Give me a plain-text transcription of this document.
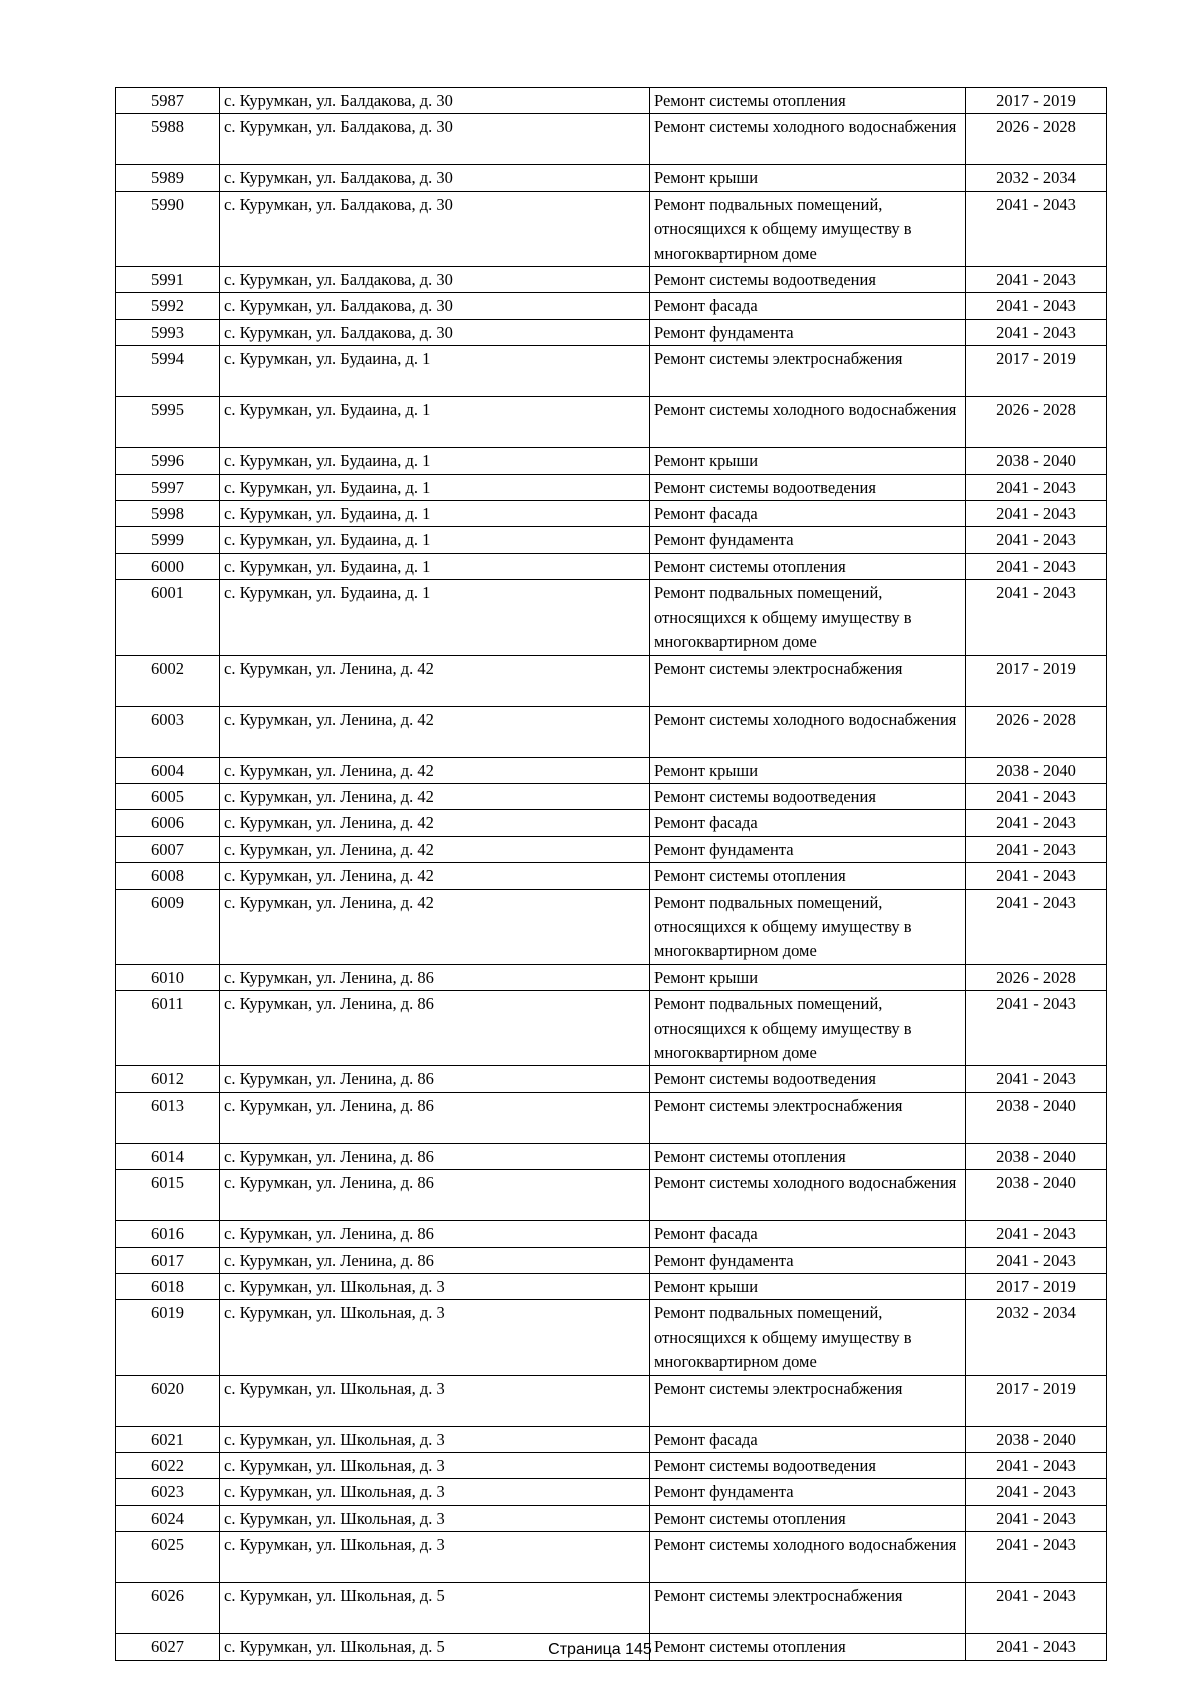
5987	с. Курумкан, ул. Балдакова, д. 30	Ремонт системы отопления	2017 - 2019
5988	с. Курумкан, ул. Балдакова, д. 30	Ремонт системы холодного водоснабжения	2026 - 2028
5989	с. Курумкан, ул. Балдакова, д. 30	Ремонт крыши	2032 - 2034
5990	с. Курумкан, ул. Балдакова, д. 30	Ремонт подвальных помещений, относящихся к общему имуществу в многоквартирном доме	2041 - 2043
5991	с. Курумкан, ул. Балдакова, д. 30	Ремонт системы водоотведения	2041 - 2043
5992	с. Курумкан, ул. Балдакова, д. 30	Ремонт фасада	2041 - 2043
5993	с. Курумкан, ул. Балдакова, д. 30	Ремонт фундамента	2041 - 2043
5994	с. Курумкан, ул. Будаина, д. 1	Ремонт системы электроснабжения	2017 - 2019
5995	с. Курумкан, ул. Будаина, д. 1	Ремонт системы холодного водоснабжения	2026 - 2028
5996	с. Курумкан, ул. Будаина, д. 1	Ремонт крыши	2038 - 2040
5997	с. Курумкан, ул. Будаина, д. 1	Ремонт системы водоотведения	2041 - 2043
5998	с. Курумкан, ул. Будаина, д. 1	Ремонт фасада	2041 - 2043
5999	с. Курумкан, ул. Будаина, д. 1	Ремонт фундамента	2041 - 2043
6000	с. Курумкан, ул. Будаина, д. 1	Ремонт системы отопления	2041 - 2043
6001	с. Курумкан, ул. Будаина, д. 1	Ремонт подвальных помещений, относящихся к общему имуществу в многоквартирном доме	2041 - 2043
6002	с. Курумкан, ул. Ленина, д. 42	Ремонт системы электроснабжения	2017 - 2019
6003	с. Курумкан, ул. Ленина, д. 42	Ремонт системы холодного водоснабжения	2026 - 2028
6004	с. Курумкан, ул. Ленина, д. 42	Ремонт крыши	2038 - 2040
6005	с. Курумкан, ул. Ленина, д. 42	Ремонт системы водоотведения	2041 - 2043
6006	с. Курумкан, ул. Ленина, д. 42	Ремонт фасада	2041 - 2043
6007	с. Курумкан, ул. Ленина, д. 42	Ремонт фундамента	2041 - 2043
6008	с. Курумкан, ул. Ленина, д. 42	Ремонт системы отопления	2041 - 2043
6009	с. Курумкан, ул. Ленина, д. 42	Ремонт подвальных помещений, относящихся к общему имуществу в многоквартирном доме	2041 - 2043
6010	с. Курумкан, ул. Ленина, д. 86	Ремонт крыши	2026 - 2028
6011	с. Курумкан, ул. Ленина, д. 86	Ремонт подвальных помещений, относящихся к общему имуществу в многоквартирном доме	2041 - 2043
6012	с. Курумкан, ул. Ленина, д. 86	Ремонт системы водоотведения	2041 - 2043
6013	с. Курумкан, ул. Ленина, д. 86	Ремонт системы электроснабжения	2038 - 2040
6014	с. Курумкан, ул. Ленина, д. 86	Ремонт системы отопления	2038 - 2040
6015	с. Курумкан, ул. Ленина, д. 86	Ремонт системы холодного водоснабжения	2038 - 2040
6016	с. Курумкан, ул. Ленина, д. 86	Ремонт фасада	2041 - 2043
6017	с. Курумкан, ул. Ленина, д. 86	Ремонт фундамента	2041 - 2043
6018	с. Курумкан, ул. Школьная, д. 3	Ремонт крыши	2017 - 2019
6019	с. Курумкан, ул. Школьная, д. 3	Ремонт подвальных помещений, относящихся к общему имуществу в многоквартирном доме	2032 - 2034
6020	с. Курумкан, ул. Школьная, д. 3	Ремонт системы электроснабжения	2017 - 2019
6021	с. Курумкан, ул. Школьная, д. 3	Ремонт фасада	2038 - 2040
6022	с. Курумкан, ул. Школьная, д. 3	Ремонт системы водоотведения	2041 - 2043
6023	с. Курумкан, ул. Школьная, д. 3	Ремонт фундамента	2041 - 2043
6024	с. Курумкан, ул. Школьная, д. 3	Ремонт системы отопления	2041 - 2043
6025	с. Курумкан, ул. Школьная, д. 3	Ремонт системы холодного водоснабжения	2041 - 2043
6026	с. Курумкан, ул. Школьная, д. 5	Ремонт системы электроснабжения	2041 - 2043
6027	с. Курумкан, ул. Школьная, д. 5	Ремонт системы отопления	2041 - 2043
Страница 145
